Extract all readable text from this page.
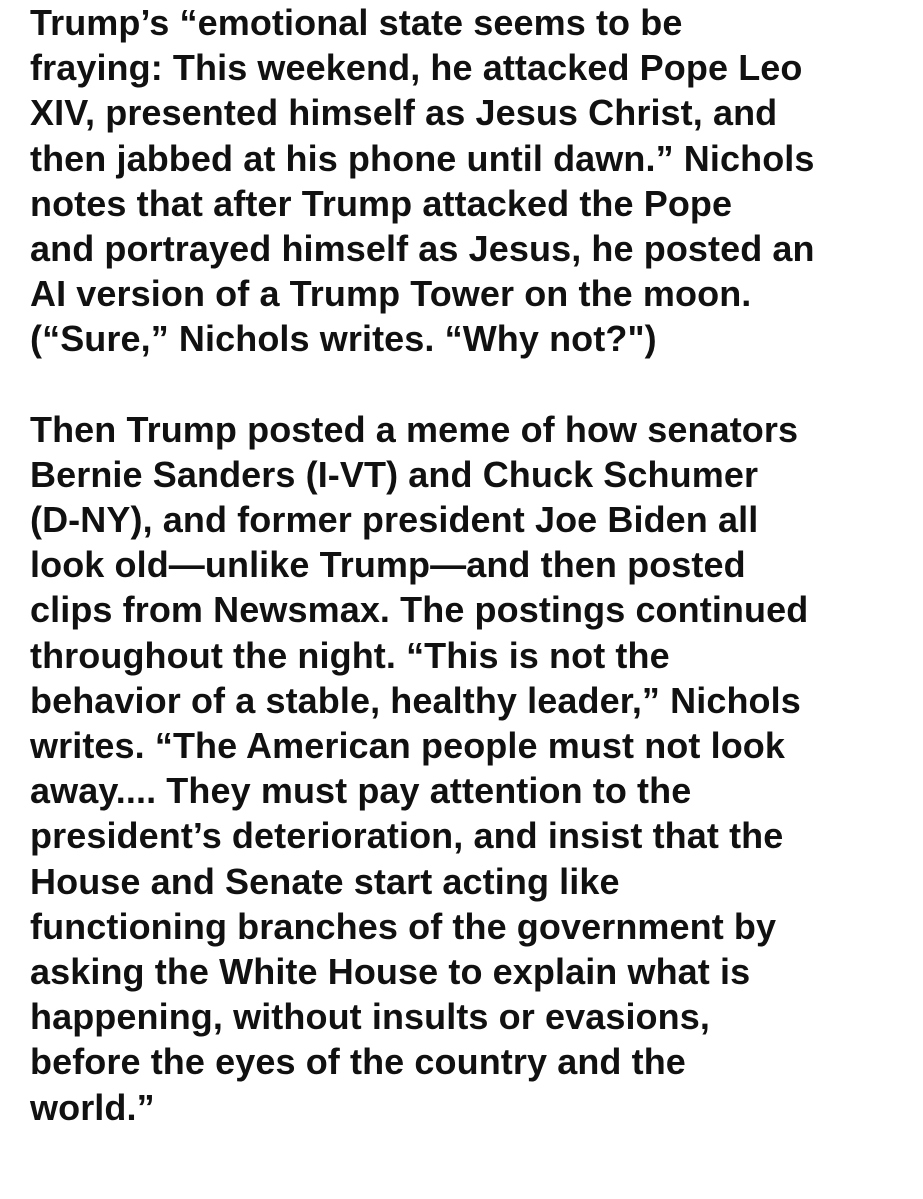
Trump’s “emotional state seems to be
fraying: This weekend, he attacked Pope Leo
XIV, presented himself as Jesus Christ, and
then jabbed at his phone until dawn.” Nichols
notes that after Trump attacked the Pope
and portrayed himself as Jesus, he posted an
AI version of a Trump Tower on the moon.
(“Sure,” Nichols writes. “Why not?")
Then Trump posted a meme of how senators
Bernie Sanders (I-VT) and Chuck Schumer
(D-NY), and former president Joe Biden all
look old—unlike Trump—and then posted
clips from Newsmax. The postings continued
throughout the night. “This is not the
behavior of a stable, healthy leader,” Nichols
writes. “The American people must not look
away.... They must pay attention to the
president’s deterioration, and insist that the
House and Senate start acting like
functioning branches of the government by
asking the White House to explain what is
happening, without insults or evasions,
before the eyes of the country and the
world.”
